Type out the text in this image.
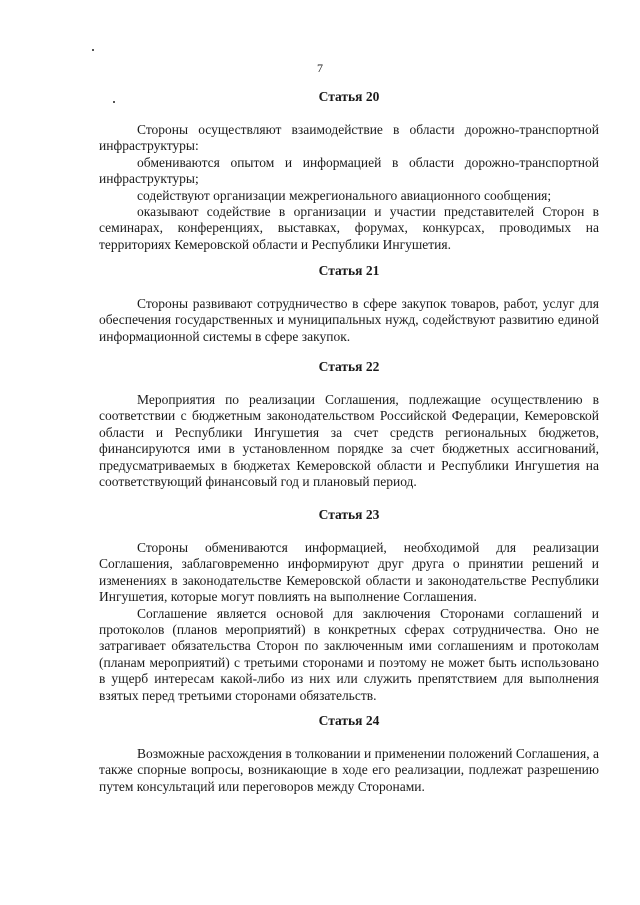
7

Статья 20

Стороны осуществляют взаимодействие в области дорожно-транспортной инфраструктуры:

обмениваются опытом и информацией в области дорожно-транспортной инфраструктуры;

содействуют организации межрегионального авиационного сообщения;

оказывают содействие в организации и участии представителей Сторон в семинарах, конференциях, выставках, форумах, конкурсах, проводимых на территориях Кемеровской области и Республики Ингушетия.

Статья 21

Стороны развивают сотрудничество в сфере закупок товаров, работ, услуг для обеспечения государственных и муниципальных нужд, содействуют развитию единой информационной системы в сфере закупок.

Статья 22

Мероприятия по реализации Соглашения, подлежащие осуществлению в соответствии с бюджетным законодательством Российской Федерации, Кемеровской области и Республики Ингушетия за счет средств региональных бюджетов, финансируются ими в установленном порядке за счет бюджетных ассигнований, предусматриваемых в бюджетах Кемеровской области и Республики Ингушетия на соответствующий финансовый год и плановый период.

Статья 23

Стороны обмениваются информацией, необходимой для реализации Соглашения, заблаговременно информируют друг друга о принятии решений и изменениях в законодательстве Кемеровской области и законодательстве Республики Ингушетия, которые могут повлиять на выполнение Соглашения.

Соглашение является основой для заключения Сторонами соглашений и протоколов (планов мероприятий) в конкретных сферах сотрудничества. Оно не затрагивает обязательства Сторон по заключенным ими соглашениям и протоколам (планам мероприятий) с третьими сторонами и поэтому не может быть использовано в ущерб интересам какой-либо из них или служить препятствием для выполнения взятых перед третьими сторонами обязательств.

Статья 24

Возможные расхождения в толковании и применении положений Соглашения, а также спорные вопросы, возникающие в ходе его реализации, подлежат разрешению путем консультаций или переговоров между Сторонами.
